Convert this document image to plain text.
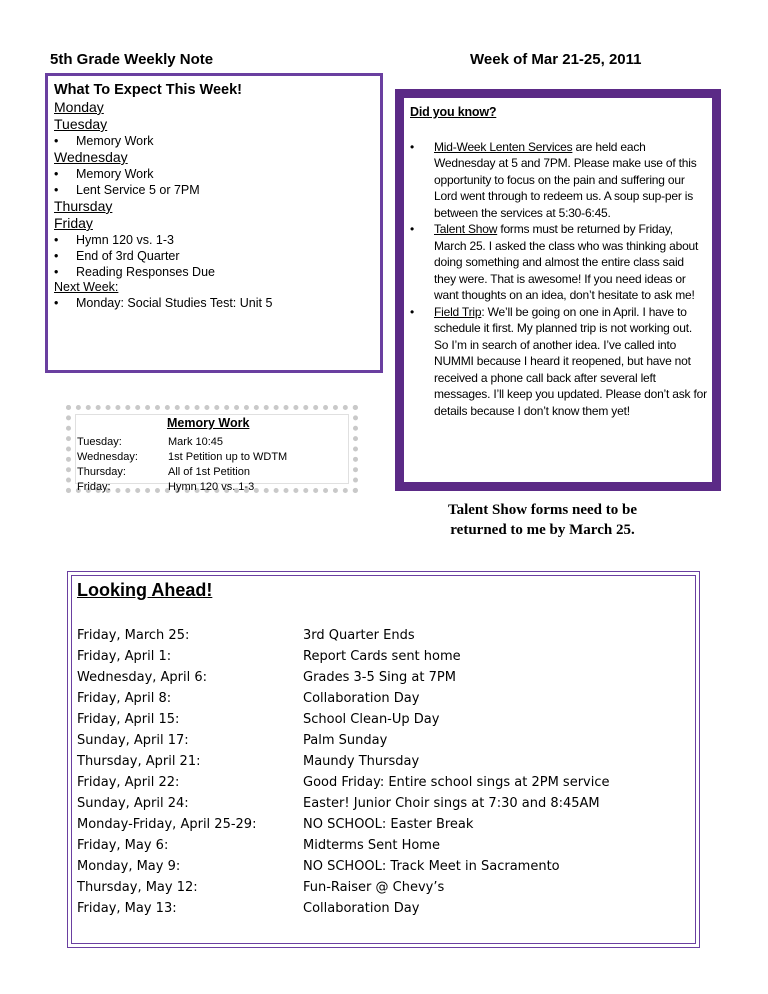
5th Grade Weekly Note	Week of Mar 21-25, 2011
What To Expect This Week!
Monday
Tuesday
• Memory Work
Wednesday
• Memory Work
• Lent Service 5 or 7PM
Thursday
Friday
• Hymn 120 vs. 1-3
• End of 3rd Quarter
• Reading Responses Due
Next Week:
• Monday: Social Studies Test: Unit 5
Did you know?
• Mid-Week Lenten Services are held each Wednesday at 5 and 7PM. Please make use of this opportunity to focus on the pain and suffering our Lord went through to redeem us. A soup sup-per is between the services at 5:30-6:45.
• Talent Show forms must be returned by Friday, March 25. I asked the class who was thinking about doing something and almost the entire class said they were. That is awesome! If you need ideas or want thoughts on an idea, don’t hesitate to ask me!
• Field Trip: We’ll be going on one in April. I have to schedule it first. My planned trip is not working out. So I’m in search of another idea. I’ve called into NUMMI because I heard it reopened, but have not received a phone call back after several left messages. I’ll keep you updated. Please don’t ask for details because I don’t know them yet!
Talent Show forms need to be
returned to me by March 25.
Memory Work
Tuesday:	Mark 10:45
Wednesday:	1st Petition up to WDTM
Thursday:	All of 1st Petition
Friday:	Hymn 120 vs. 1-3
Looking Ahead!
Friday, March 25:	3rd Quarter Ends
Friday, April 1:	Report Cards sent home
Wednesday, April 6:	Grades 3-5 Sing at 7PM
Friday, April 8:	Collaboration Day
Friday, April 15:	School Clean-Up Day
Sunday, April 17:	Palm Sunday
Thursday, April 21:	Maundy Thursday
Friday, April 22:	Good Friday: Entire school sings at 2PM service
Sunday, April 24:	Easter! Junior Choir sings at 7:30 and 8:45AM
Monday-Friday, April 25-29:	NO SCHOOL: Easter Break
Friday, May 6:	Midterms Sent Home
Monday, May 9:	NO SCHOOL: Track Meet in Sacramento
Thursday, May 12:	Fun-Raiser @ Chevy’s
Friday, May 13:	Collaboration Day
